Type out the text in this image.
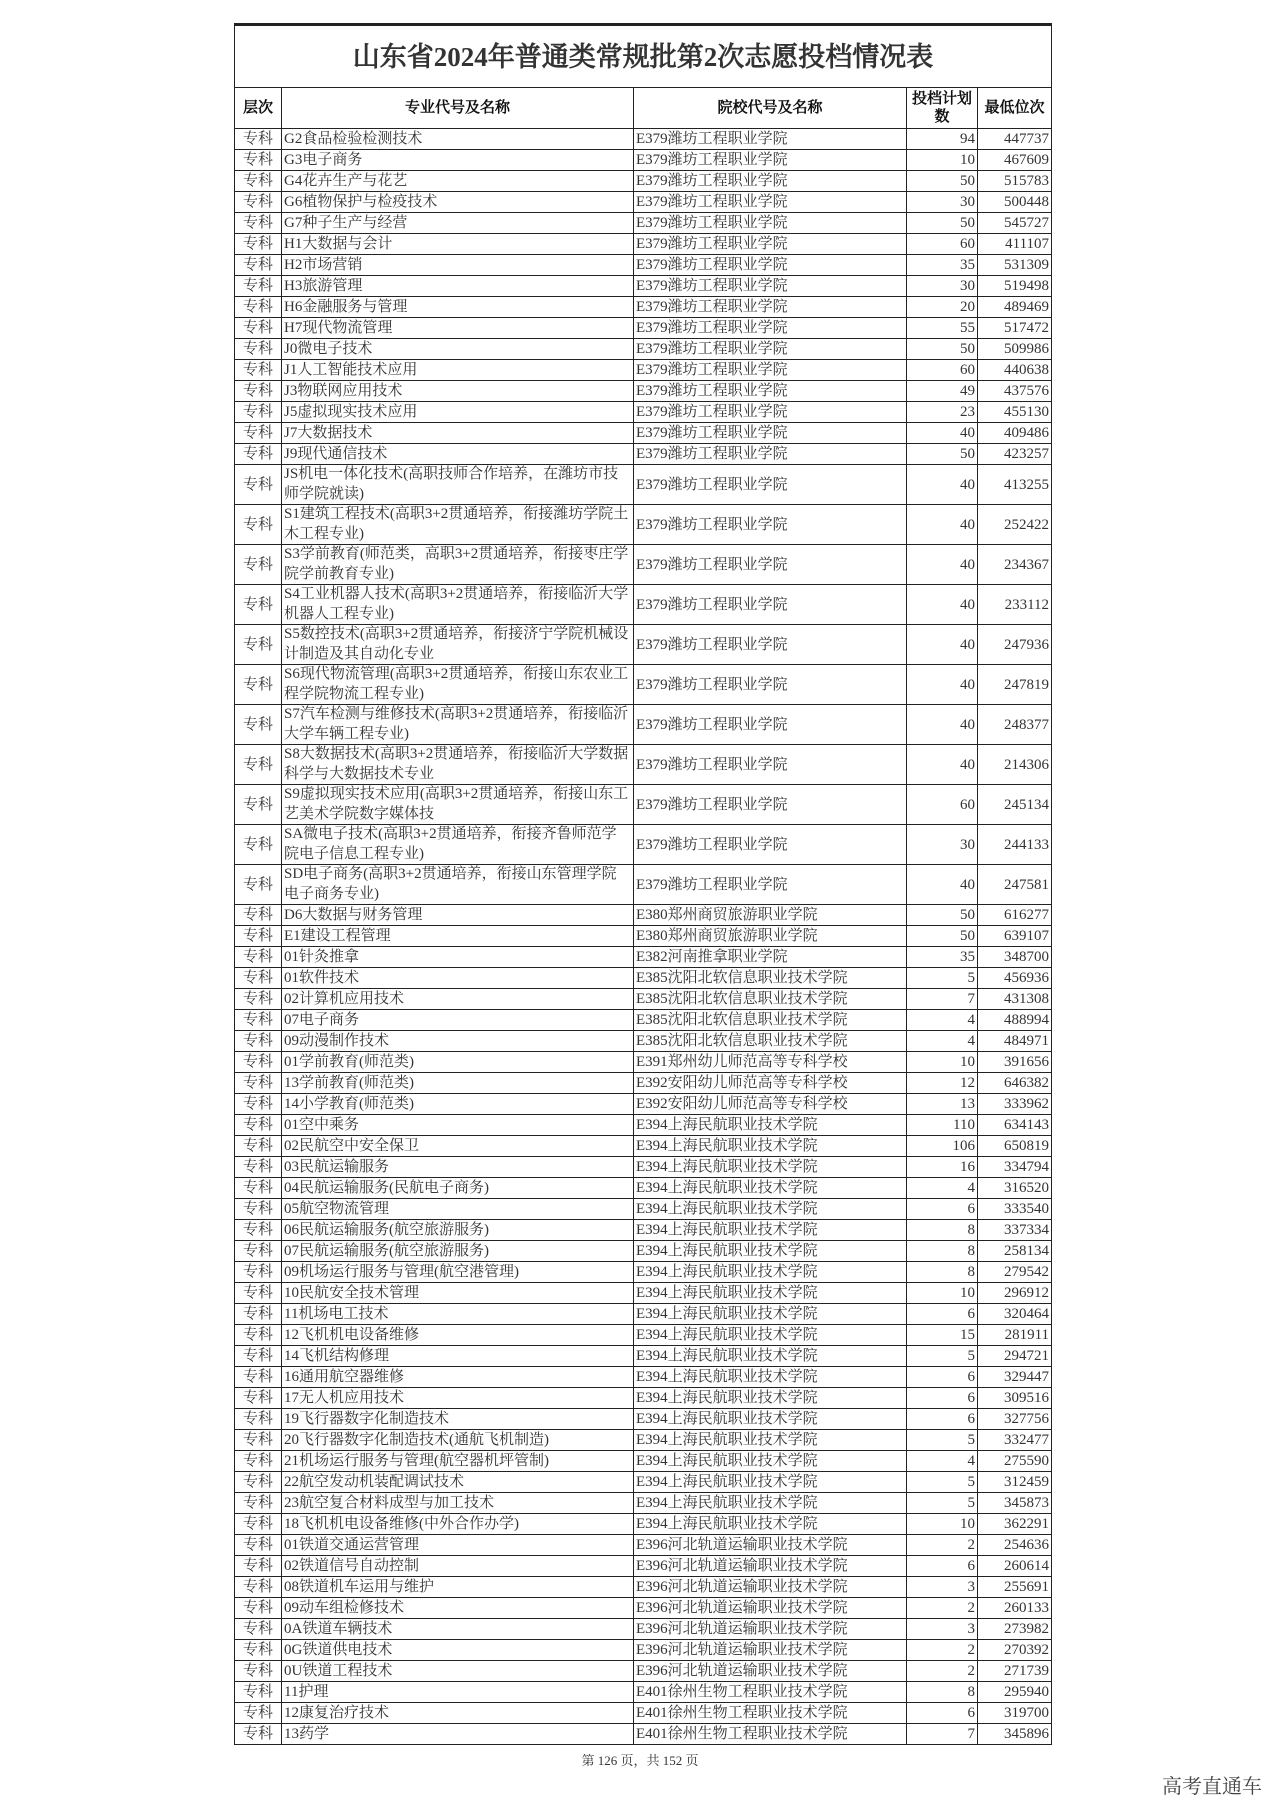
山东省2024年普通类常规批第2次志愿投档情况表				
层次	专业代号及名称	院校代号及名称	投档计划数	最低位次
专科	G2食品检验检测技术	E379潍坊工程职业学院	94	447737
专科	G3电子商务	E379潍坊工程职业学院	10	467609
专科	G4花卉生产与花艺	E379潍坊工程职业学院	50	515783
专科	G6植物保护与检疫技术	E379潍坊工程职业学院	30	500448
专科	G7种子生产与经营	E379潍坊工程职业学院	50	545727
专科	H1大数据与会计	E379潍坊工程职业学院	60	411107
专科	H2市场营销	E379潍坊工程职业学院	35	531309
专科	H3旅游管理	E379潍坊工程职业学院	30	519498
专科	H6金融服务与管理	E379潍坊工程职业学院	20	489469
专科	H7现代物流管理	E379潍坊工程职业学院	55	517472
专科	J0微电子技术	E379潍坊工程职业学院	50	509986
专科	J1人工智能技术应用	E379潍坊工程职业学院	60	440638
专科	J3物联网应用技术	E379潍坊工程职业学院	49	437576
专科	J5虚拟现实技术应用	E379潍坊工程职业学院	23	455130
专科	J7大数据技术	E379潍坊工程职业学院	40	409486
专科	J9现代通信技术	E379潍坊工程职业学院	50	423257
专科	JS机电一体化技术(高职技师合作培养，在潍坊市技师学院就读)	E379潍坊工程职业学院	40	413255
专科	S1建筑工程技术(高职3+2贯通培养，衔接潍坊学院土木工程专业)	E379潍坊工程职业学院	40	252422
专科	S3学前教育(师范类，高职3+2贯通培养，衔接枣庄学院学前教育专业)	E379潍坊工程职业学院	40	234367
专科	S4工业机器人技术(高职3+2贯通培养，衔接临沂大学机器人工程专业)	E379潍坊工程职业学院	40	233112
专科	S5数控技术(高职3+2贯通培养，衔接济宁学院机械设计制造及其自动化专业	E379潍坊工程职业学院	40	247936
专科	S6现代物流管理(高职3+2贯通培养，衔接山东农业工程学院物流工程专业)	E379潍坊工程职业学院	40	247819
专科	S7汽车检测与维修技术(高职3+2贯通培养，衔接临沂大学车辆工程专业)	E379潍坊工程职业学院	40	248377
专科	S8大数据技术(高职3+2贯通培养，衔接临沂大学数据科学与大数据技术专业	E379潍坊工程职业学院	40	214306
专科	S9虚拟现实技术应用(高职3+2贯通培养，衔接山东工艺美术学院数字媒体技	E379潍坊工程职业学院	60	245134
专科	SA微电子技术(高职3+2贯通培养，衔接齐鲁师范学院电子信息工程专业)	E379潍坊工程职业学院	30	244133
专科	SD电子商务(高职3+2贯通培养，衔接山东管理学院电子商务专业)	E379潍坊工程职业学院	40	247581
专科	D6大数据与财务管理	E380郑州商贸旅游职业学院	50	616277
专科	E1建设工程管理	E380郑州商贸旅游职业学院	50	639107
专科	01针灸推拿	E382河南推拿职业学院	35	348700
专科	01软件技术	E385沈阳北软信息职业技术学院	5	456936
专科	02计算机应用技术	E385沈阳北软信息职业技术学院	7	431308
专科	07电子商务	E385沈阳北软信息职业技术学院	4	488994
专科	09动漫制作技术	E385沈阳北软信息职业技术学院	4	484971
专科	01学前教育(师范类)	E391郑州幼儿师范高等专科学校	10	391656
专科	13学前教育(师范类)	E392安阳幼儿师范高等专科学校	12	646382
专科	14小学教育(师范类)	E392安阳幼儿师范高等专科学校	13	333962
专科	01空中乘务	E394上海民航职业技术学院	110	634143
专科	02民航空中安全保卫	E394上海民航职业技术学院	106	650819
专科	03民航运输服务	E394上海民航职业技术学院	16	334794
专科	04民航运输服务(民航电子商务)	E394上海民航职业技术学院	4	316520
专科	05航空物流管理	E394上海民航职业技术学院	6	333540
专科	06民航运输服务(航空旅游服务)	E394上海民航职业技术学院	8	337334
专科	07民航运输服务(航空旅游服务)	E394上海民航职业技术学院	8	258134
专科	09机场运行服务与管理(航空港管理)	E394上海民航职业技术学院	8	279542
专科	10民航安全技术管理	E394上海民航职业技术学院	10	296912
专科	11机场电工技术	E394上海民航职业技术学院	6	320464
专科	12飞机机电设备维修	E394上海民航职业技术学院	15	281911
专科	14飞机结构修理	E394上海民航职业技术学院	5	294721
专科	16通用航空器维修	E394上海民航职业技术学院	6	329447
专科	17无人机应用技术	E394上海民航职业技术学院	6	309516
专科	19飞行器数字化制造技术	E394上海民航职业技术学院	6	327756
专科	20飞行器数字化制造技术(通航飞机制造)	E394上海民航职业技术学院	5	332477
专科	21机场运行服务与管理(航空器机坪管制)	E394上海民航职业技术学院	4	275590
专科	22航空发动机装配调试技术	E394上海民航职业技术学院	5	312459
专科	23航空复合材料成型与加工技术	E394上海民航职业技术学院	5	345873
专科	18飞机机电设备维修(中外合作办学)	E394上海民航职业技术学院	10	362291
专科	01铁道交通运营管理	E396河北轨道运输职业技术学院	2	254636
专科	02铁道信号自动控制	E396河北轨道运输职业技术学院	6	260614
专科	08铁道机车运用与维护	E396河北轨道运输职业技术学院	3	255691
专科	09动车组检修技术	E396河北轨道运输职业技术学院	2	260133
专科	0A铁道车辆技术	E396河北轨道运输职业技术学院	3	273982
专科	0G铁道供电技术	E396河北轨道运输职业技术学院	2	270392
专科	0U铁道工程技术	E396河北轨道运输职业技术学院	2	271739
专科	11护理	E401徐州生物工程职业技术学院	8	295940
专科	12康复治疗技术	E401徐州生物工程职业技术学院	6	319700
专科	13药学	E401徐州生物工程职业技术学院	7	345896
第 126 页，共 152 页
高考直通车
